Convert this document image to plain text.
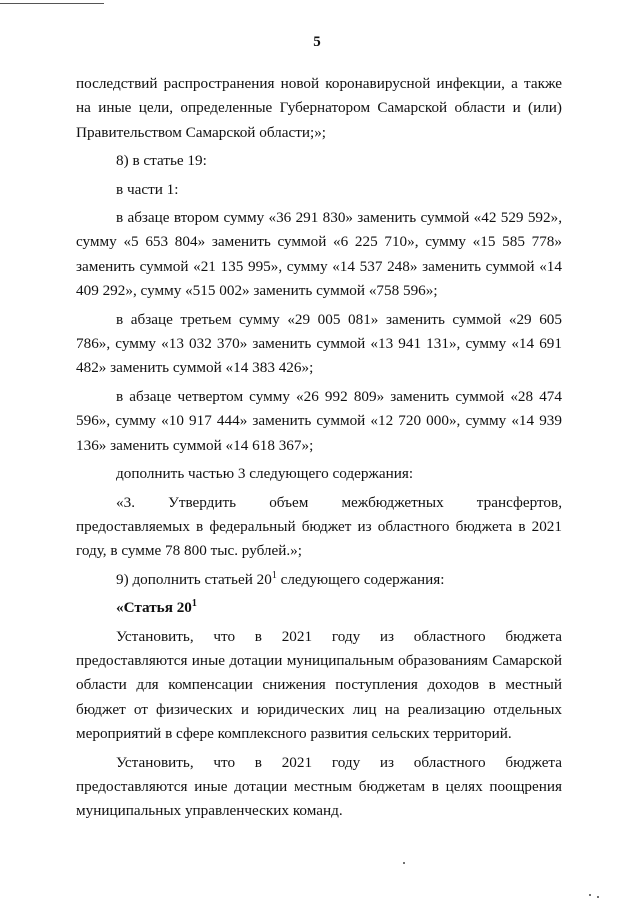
5

последствий распространения новой коронавирусной инфекции, а также на иные цели, определенные Губернатором Самарской области и (или) Правительством Самарской области;»;

8) в статье 19:

в части 1:

в абзаце втором сумму «36 291 830» заменить суммой «42 529 592», сумму «5 653 804» заменить суммой «6 225 710», сумму «15 585 778» заменить суммой «21 135 995», сумму «14 537 248» заменить суммой «14 409 292», сумму «515 002» заменить суммой «758 596»;

в абзаце третьем сумму «29 005 081» заменить суммой «29 605 786», сумму «13 032 370» заменить суммой «13 941 131», сумму «14 691 482» заменить суммой «14 383 426»;

в абзаце четвертом сумму «26 992 809» заменить суммой «28 474 596», сумму «10 917 444» заменить суммой «12 720 000», сумму «14 939 136» заменить суммой «14 618 367»;

дополнить частью 3 следующего содержания:

«3. Утвердить объем межбюджетных трансфертов, предоставляемых в федеральный бюджет из областного бюджета в 2021 году, в сумме 78 800 тыс. рублей.»;

9) дополнить статьей $20^1$ следующего содержания:

«Статья $20^1$

Установить, что в 2021 году из областного бюджета предоставляются иные дотации муниципальным образованиям Самарской области для компенсации снижения поступления доходов в местный бюджет от физических и юридических лиц на реализацию отдельных мероприятий в сфере комплексного развития сельских территорий.

Установить, что в 2021 году из областного бюджета предоставляются иные дотации местным бюджетам в целях поощрения муниципальных управленческих команд.
